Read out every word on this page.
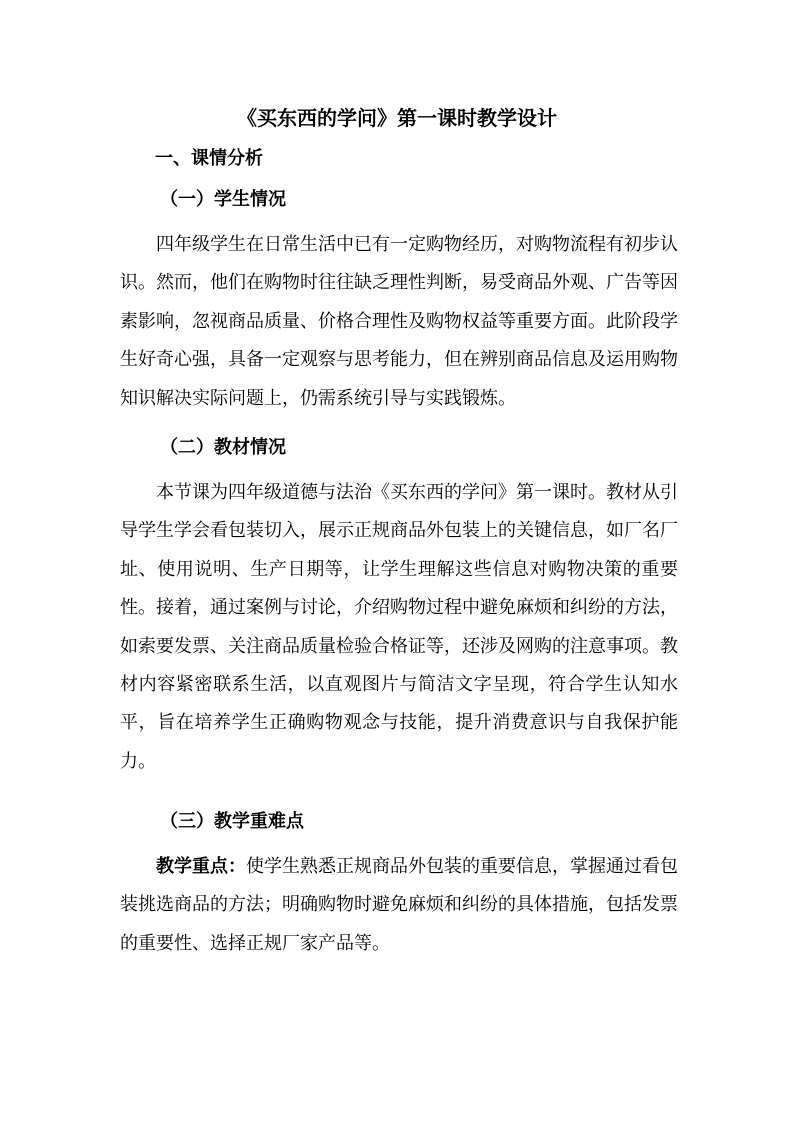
《买东西的学问》第一课时教学设计
一、课情分析
（一）学生情况
四年级学生在日常生活中已有一定购物经历，对购物流程有初步认识。然而，他们在购物时往往缺乏理性判断，易受商品外观、广告等因素影响，忽视商品质量、价格合理性及购物权益等重要方面。此阶段学生好奇心强，具备一定观察与思考能力，但在辨别商品信息及运用购物知识解决实际问题上，仍需系统引导与实践锻炼。
（二）教材情况
本节课为四年级道德与法治《买东西的学问》第一课时。教材从引导学生学会看包装切入，展示正规商品外包装上的关键信息，如厂名厂址、使用说明、生产日期等，让学生理解这些信息对购物决策的重要性。接着，通过案例与讨论，介绍购物过程中避免麻烦和纠纷的方法，如索要发票、关注商品质量检验合格证等，还涉及网购的注意事项。教材内容紧密联系生活，以直观图片与简洁文字呈现，符合学生认知水平，旨在培养学生正确购物观念与技能，提升消费意识与自我保护能力。
（三）教学重难点
教学重点：使学生熟悉正规商品外包装的重要信息，掌握通过看包装挑选商品的方法；明确购物时避免麻烦和纠纷的具体措施，包括发票的重要性、选择正规厂家产品等。
